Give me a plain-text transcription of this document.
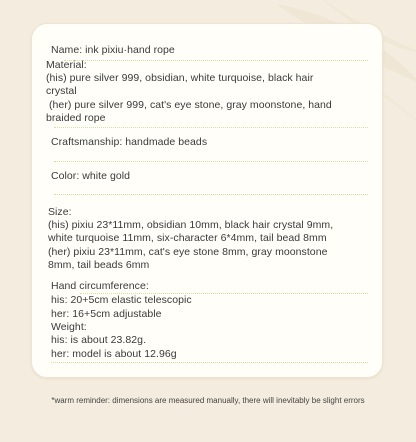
Name: ink pixiu·hand rope
Material:
(his) pure silver 999, obsidian, white turquoise, black hair
crystal
(her) pure silver 999, cat's eye stone, gray moonstone, hand
braided rope
Craftsmanship: handmade beads
Color: white gold
Size:
(his) pixiu 23*11mm, obsidian 10mm, black hair crystal 9mm,
white turquoise 11mm, six-character 6*4mm, tail bead 8mm
(her) pixiu 23*11mm, cat's eye stone 8mm, gray moonstone
8mm, tail beads 6mm
Hand circumference:
his: 20+5cm elastic telescopic
her: 16+5cm adjustable
Weight:
his: is about 23.82g.
her: model is about 12.96g
*warm reminder: dimensions are measured manually, there will inevitably be slight errors
